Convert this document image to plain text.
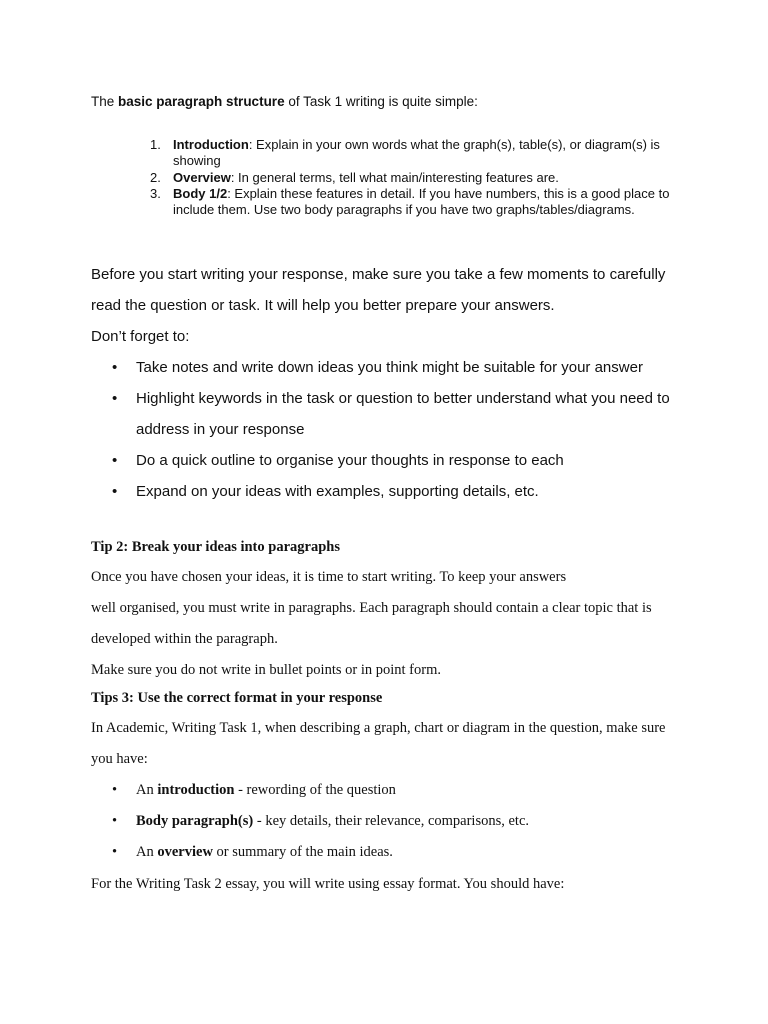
The basic paragraph structure of Task 1 writing is quite simple:
1. Introduction: Explain in your own words what the graph(s), table(s), or diagram(s) is showing
2. Overview: In general terms, tell what main/interesting features are.
3. Body 1/2: Explain these features in detail. If you have numbers, this is a good place to include them. Use two body paragraphs if you have two graphs/tables/diagrams.
Before you start writing your response, make sure you take a few moments to carefully read the question or task. It will help you better prepare your answers.
Don’t forget to:
• Take notes and write down ideas you think might be suitable for your answer
• Highlight keywords in the task or question to better understand what you need to address in your response
• Do a quick outline to organise your thoughts in response to each
• Expand on your ideas with examples, supporting details, etc.
Tip 2: Break your ideas into paragraphs
Once you have chosen your ideas, it is time to start writing. To keep your answers
well organised, you must write in paragraphs. Each paragraph should contain a clear topic that is developed within the paragraph.
Make sure you do not write in bullet points or in point form.
Tips 3: Use the correct format in your response
In Academic, Writing Task 1, when describing a graph, chart or diagram in the question, make sure you have:
• An introduction - rewording of the question
• Body paragraph(s) - key details, their relevance, comparisons, etc.
• An overview or summary of the main ideas.
For the Writing Task 2 essay, you will write using essay format. You should have:
